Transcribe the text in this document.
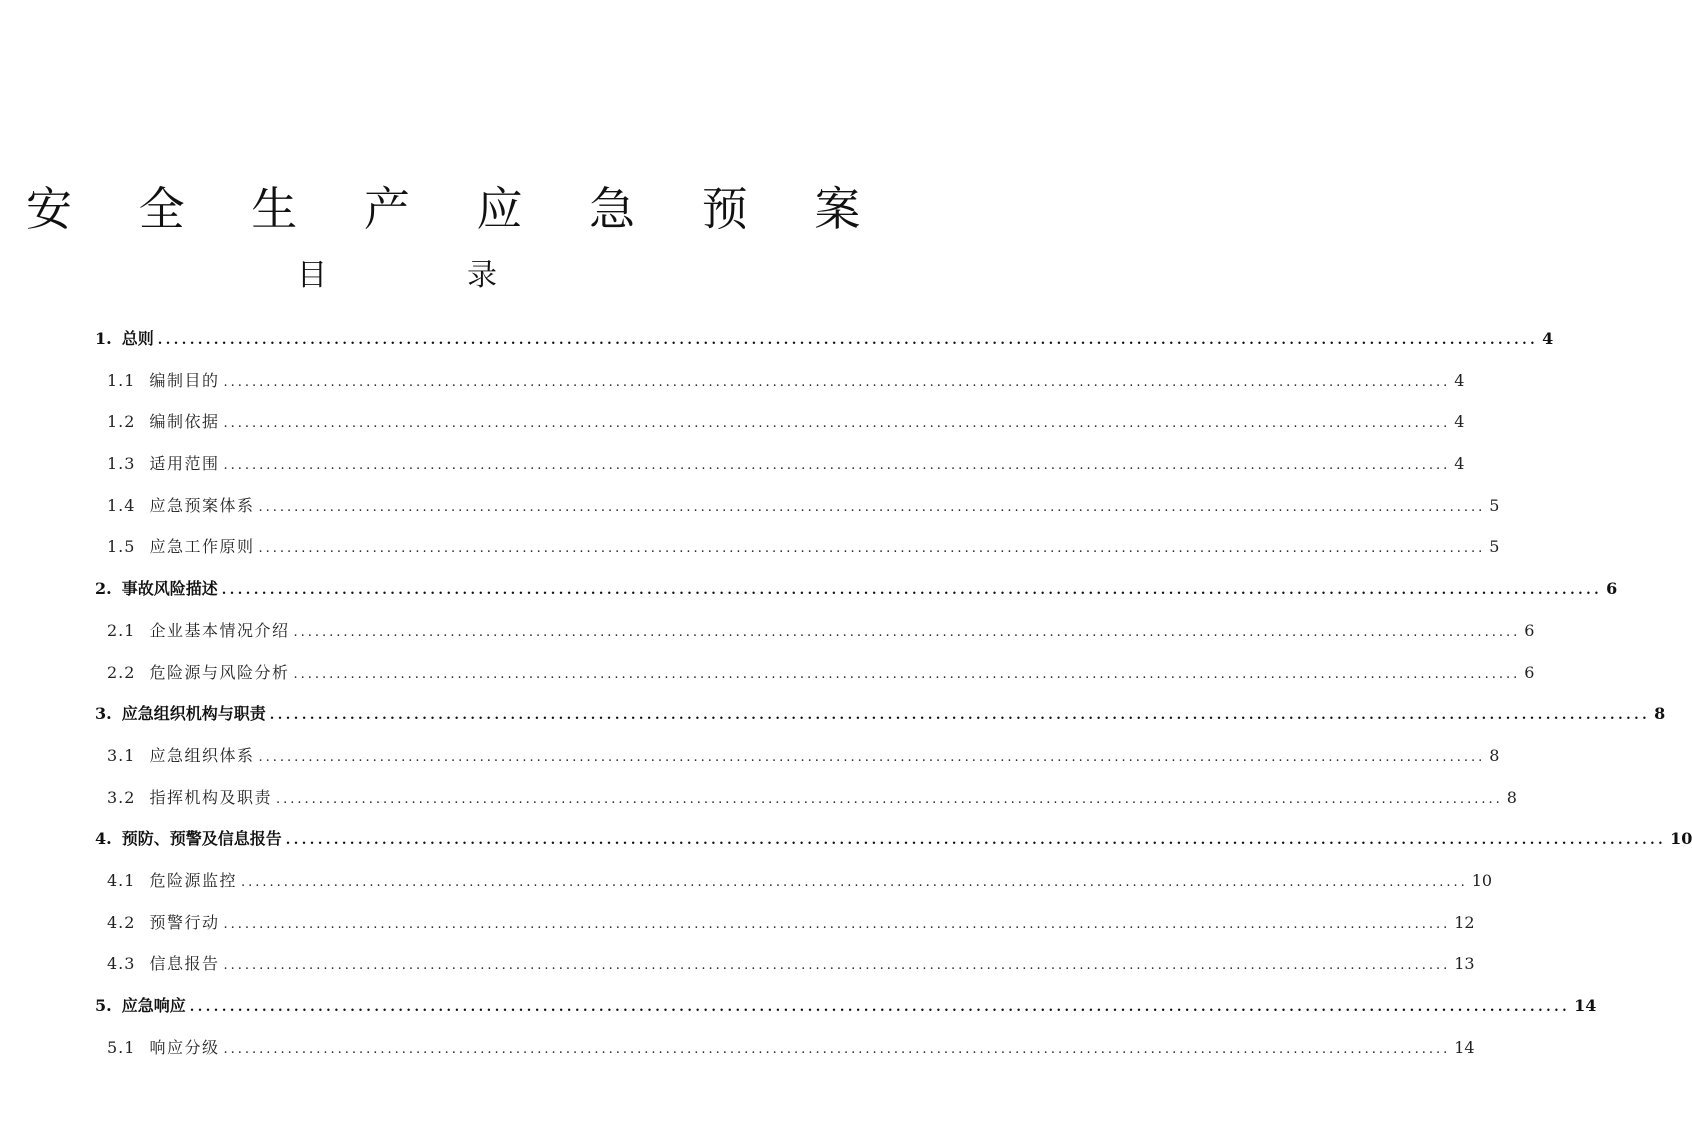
安 全 生 产 应 急 预 案
目	录
1. 总则 .....	4
1.1 编制目的 .....	4
1.2 编制依据 .....	4
1.3 适用范围 .....	4
1.4 应急预案体系 .....	5
1.5 应急工作原则 .....	5
2. 事故风险描述 .....	6
2.1 企业基本情况介绍 .....	6
2.2 危险源与风险分析 .....	6
3. 应急组织机构与职责 .....	8
3.1 应急组织体系 .....	8
3.2 指挥机构及职责 .....	8
4. 预防、预警及信息报告 .....	10
4.1 危险源监控 .....	10
4.2 预警行动 .....	12
4.3 信息报告 .....	13
5. 应急响应 .....	14
5.1 响应分级 .....	14
